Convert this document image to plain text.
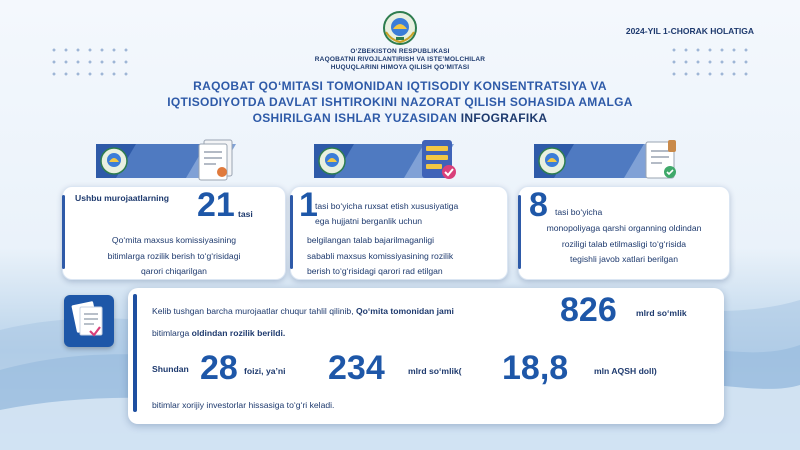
O‘ZBEKISTON RESPUBLIKASI
RAQOBATNI RIVOJLANTIRISH VA ISTE’MOLCHILAR
HUQUQLARINI HIMOYA QILISH QO‘MITASI
2024-YIL 1-CHORAK HOLATIGA
RAQOBAT QO‘MITASI TOMONIDAN IQTISODIY KONSENTRATSIYA VA
IQTISODIYOTDA DAVLAT ISHTIROKINI NAZORAT QILISH SOHASIDA AMALGA
OSHIRILGAN ISHLAR YUZASIDAN INFOGRAFIKA
Ushbu murojaatlarning 21 tasi
Qo‘mita maxsus komissiyasining
bitimlarga rozilik berish to‘g‘risidagi
qarori chiqarilgan
1
tasi bo‘yicha ruxsat etish xususiyatiga
ega hujjatni berganlik uchun
belgilangan talab bajarilmaganligi
sababli maxsus komissiyasining rozilik
berish to‘g‘risidagi qarori rad etilgan
8 tasi bo‘yicha
monopoliyaga qarshi organning oldindan
roziligi talab etilmasligi to‘g‘risida
tegishli javob xatlari berilgan
Kelib tushgan barcha murojaatlar chuqur tahlil qilinib, Qo‘mita tomonidan jami	826 mlrd so‘mlik
bitimlarga oldindan rozilik berildi.
Shundan 28 foizi, ya’ni 234	mlrd so‘mlik( 18,8	mln AQSH doll)
bitimlar xorijiy investorlar hissasiga to‘g‘ri keladi.
